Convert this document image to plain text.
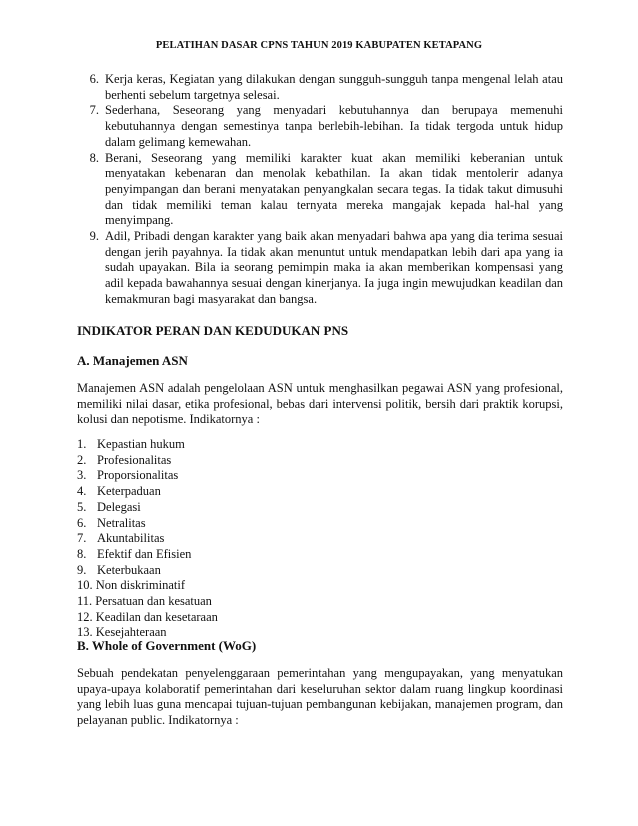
PELATIHAN DASAR CPNS TAHUN 2019 KABUPATEN KETAPANG
6. Kerja keras, Kegiatan yang dilakukan dengan sungguh-sungguh tanpa mengenal lelah atau berhenti sebelum targetnya selesai.
7. Sederhana, Seseorang yang menyadari kebutuhannya dan berupaya memenuhi kebutuhannya dengan semestinya tanpa berlebih-lebihan. Ia tidak tergoda untuk hidup dalam gelimang kemewahan.
8. Berani, Seseorang yang memiliki karakter kuat akan memiliki keberanian untuk menyatakan kebenaran dan menolak kebathilan. Ia akan tidak mentolerir adanya penyimpangan dan berani menyatakan penyangkalan secara tegas. Ia tidak takut dimusuhi dan tidak memiliki teman kalau ternyata mereka mangajak kepada hal-hal yang menyimpang.
9. Adil, Pribadi dengan karakter yang baik akan menyadari bahwa apa yang dia terima sesuai dengan jerih payahnya. Ia tidak akan menuntut untuk mendapatkan lebih dari apa yang ia sudah upayakan. Bila ia seorang pemimpin maka ia akan memberikan kompensasi yang adil kepada bawahannya sesuai dengan kinerjanya. Ia juga ingin mewujudkan keadilan dan kemakmuran bagi masyarakat dan bangsa.
INDIKATOR PERAN DAN KEDUDUKAN PNS
A. Manajemen ASN
Manajemen ASN adalah pengelolaan ASN untuk menghasilkan pegawai ASN yang profesional, memiliki nilai dasar, etika profesional, bebas dari intervensi politik, bersih dari praktik korupsi, kolusi dan nepotisme. Indikatornya :
1. Kepastian hukum
2. Profesionalitas
3. Proporsionalitas
4. Keterpaduan
5. Delegasi
6. Netralitas
7. Akuntabilitas
8. Efektif dan Efisien
9. Keterbukaan
10. Non diskriminatif
11. Persatuan dan kesatuan
12. Keadilan dan kesetaraan
13. Kesejahteraan
B. Whole of Government (WoG)
Sebuah pendekatan penyelenggaraan pemerintahan yang mengupayakan, yang menyatukan upaya-upaya kolaboratif pemerintahan dari keseluruhan sektor dalam ruang lingkup koordinasi yang lebih luas guna mencapai tujuan-tujuan pembangunan kebijakan, manajemen program, dan pelayanan public. Indikatornya :
